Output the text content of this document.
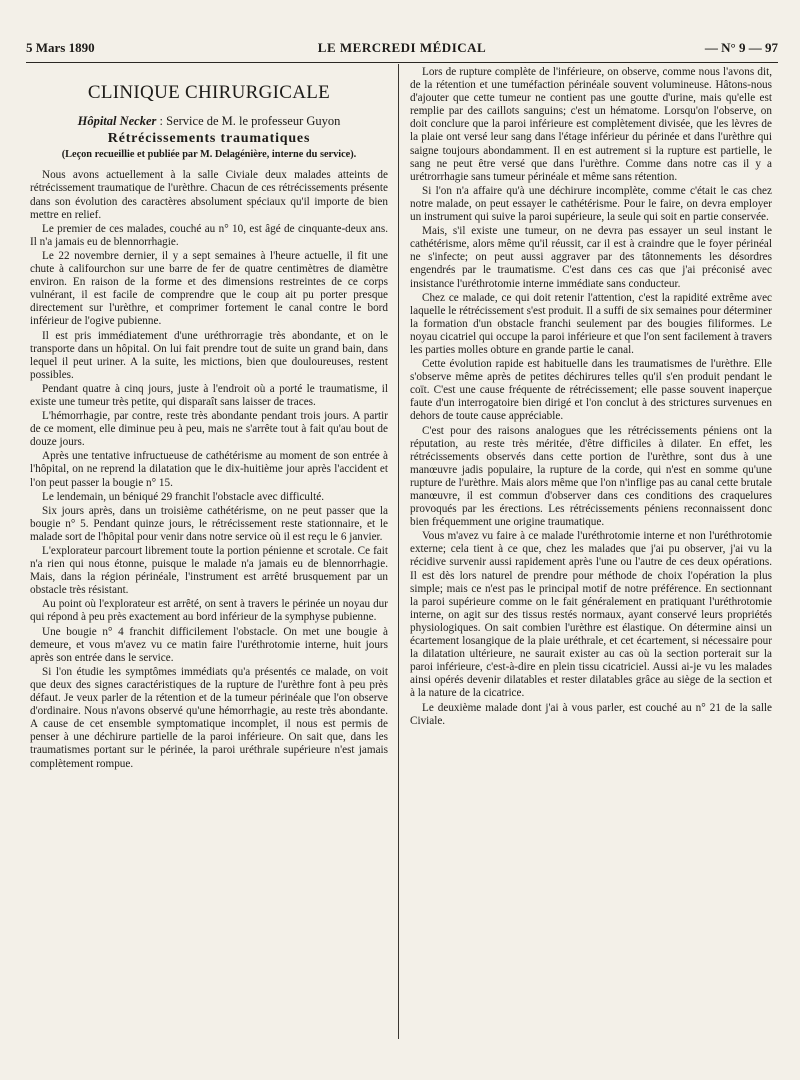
5 Mars 1890	LE MERCREDI MÉDICAL	— N° 9 — 97
CLINIQUE CHIRURGICALE
Hôpital Necker : Service de M. le professeur Guyon
Rétrécissements traumatiques
(Leçon recueillie et publiée par M. Delagénière, interne du service).

Nous avons actuellement à la salle Civiale deux malades atteints de rétrécissement traumatique de l'urèthre. Chacun de ces rétrécissements présente dans son évolution des caractères absolument spéciaux qu'il importe de bien mettre en relief.

Le premier de ces malades, couché au n° 10, est âgé de cinquante-deux ans. Il n'a jamais eu de blennorrhagie.

Le 22 novembre dernier, il y a sept semaines à l'heure actuelle, il fit une chute à califourchon sur une barre de fer de quatre centimètres de diamètre environ. En raison de la forme et des dimensions restreintes de ce corps vulnérant, il est facile de comprendre que le coup ait pu porter presque directement sur l'urèthre, et comprimer fortement le canal contre le bord inférieur de l'ogive pubienne.

Il est pris immédiatement d'une uréthrorragie très abondante, et on le transporte dans un hôpital. On lui fait prendre tout de suite un grand bain, dans lequel il peut uriner. A la suite, les mictions, bien que douloureuses, restent possibles.

Pendant quatre à cinq jours, juste à l'endroit où a porté le traumatisme, il existe une tumeur très petite, qui disparaît sans laisser de traces.

L'hémorrhagie, par contre, reste très abondante pendant trois jours. A partir de ce moment, elle diminue peu à peu, mais ne s'arrête tout à fait qu'au bout de douze jours.

Après une tentative infructueuse de cathétérisme au moment de son entrée à l'hôpital, on ne reprend la dilatation que le dix-huitième jour après l'accident et l'on peut passer la bougie n° 15.

Le lendemain, un béniqué 29 franchit l'obstacle avec difficulté.

Six jours après, dans un troisième cathétérisme, on ne peut passer que la bougie n° 5. Pendant quinze jours, le rétrécissement reste stationnaire, et le malade sort de l'hôpital pour venir dans notre service où il est reçu le 6 janvier.

L'explorateur parcourt librement toute la portion pénienne et scrotale. Ce fait n'a rien qui nous étonne, puisque le malade n'a jamais eu de blennorrhagie. Mais, dans la région périnéale, l'instrument est arrêté brusquement par un obstacle très résistant.

Au point où l'explorateur est arrêté, on sent à travers le périnée un noyau dur qui répond à peu près exactement au bord inférieur de la symphyse pubienne.

Une bougie n° 4 franchit difficilement l'obstacle. On met une bougie à demeure, et vous m'avez vu ce matin faire l'uréthrotomie interne, huit jours après son entrée dans le service.

Si l'on étudie les symptômes immédiats qu'a présentés ce malade, on voit que deux des signes caractéristiques de la rupture de l'urèthre font à peu près défaut. Je veux parler de la rétention et de la tumeur périnéale que l'on observe d'ordinaire. Nous n'avons observé qu'une hémorrhagie, au reste très abondante. A cause de cet ensemble symptomatique incomplet, il nous est permis de penser à une déchirure partielle de la paroi inférieure. On sait que, dans les traumatismes portant sur le périnée, la paroi uréthrale supérieure n'est jamais complètement rompue.

Lors de rupture complète de l'inférieure, on observe, comme nous l'avons dit, de la rétention et une tuméfaction périnéale souvent volumineuse. Hâtons-nous d'ajouter que cette tumeur ne contient pas une goutte d'urine, mais qu'elle est remplie par des caillots sanguins; c'est un hématome. Lorsqu'on l'observe, on doit conclure que la paroi inférieure est complètement divisée, que les lèvres de la plaie ont versé leur sang dans l'étage inférieur du périnée et dans l'urèthre qui saigne toujours abondamment. Il en est autrement si la rupture est partielle, le sang ne peut être versé que dans l'urèthre. Comme dans notre cas il y a urétrorrhagie sans tumeur périnéale et même sans rétention.

Si l'on n'a affaire qu'à une déchirure incomplète, comme c'était le cas chez notre malade, on peut essayer le cathétérisme. Pour le faire, on devra employer un instrument qui suive la paroi supérieure, la seule qui soit en partie conservée.

Mais, s'il existe une tumeur, on ne devra pas essayer un seul instant le cathétérisme, alors même qu'il réussit, car il est à craindre que le foyer périnéal ne s'infecte; on peut aussi aggraver par des tâtonnements les désordres engendrés par le traumatisme. C'est dans ces cas que j'ai préconisé avec insistance l'uréthrotomie interne immédiate sans conducteur.

Chez ce malade, ce qui doit retenir l'attention, c'est la rapidité extrême avec laquelle le rétrécissement s'est produit. Il a suffi de six semaines pour déterminer la formation d'un obstacle franchi seulement par des bougies filiformes. Le noyau cicatriel qui occupe la paroi inférieure et que l'on sent facilement à travers les parties molles obture en grande partie le canal.

Cette évolution rapide est habituelle dans les traumatismes de l'urèthre. Elle s'observe même après de petites déchirures telles qu'il s'en produit pendant le coït. C'est une cause fréquente de rétrécissement; elle passe souvent inaperçue faute d'un interrogatoire bien dirigé et l'on conclut à des strictures survenues en dehors de toute cause appréciable.

C'est pour des raisons analogues que les rétrécissements péniens ont la réputation, au reste très méritée, d'être difficiles à dilater. En effet, les rétrécissements observés dans cette portion de l'urèthre, sont dus à une manœuvre jadis populaire, la rupture de la corde, qui n'est en somme qu'une rupture de l'urèthre. Mais alors même que l'on n'inflige pas au canal cette brutale manœuvre, il est commun d'observer dans ces conditions des craquelures provoqués par les érections. Les rétrécissements péniens reconnaissent donc bien fréquemment une origine traumatique.

Vous m'avez vu faire à ce malade l'uréthrotomie interne et non l'uréthrotomie externe; cela tient à ce que, chez les malades que j'ai pu observer, j'ai vu la récidive survenir aussi rapidement après l'une ou l'autre de ces deux opérations. Il est dès lors naturel de prendre pour méthode de choix l'opération la plus simple; mais ce n'est pas le principal motif de notre préférence. En sectionnant la paroi supérieure comme on le fait généralement en pratiquant l'uréthrotomie interne, on agit sur des tissus restés normaux, ayant conservé leurs propriétés physiologiques. On sait combien l'urèthre est élastique. On détermine ainsi un écartement losangique de la plaie uréthrale, et cet écartement, si nécessaire pour la dilatation ultérieure, ne saurait exister au cas où la section porterait sur la paroi inférieure, c'est-à-dire en plein tissu cicatriciel. Aussi ai-je vu les malades ainsi opérés devenir dilatables et rester dilatables grâce au siège de la section et à la nature de la cicatrice.

Le deuxième malade dont j'ai à vous parler, est couché au n° 21 de la salle Civiale.
